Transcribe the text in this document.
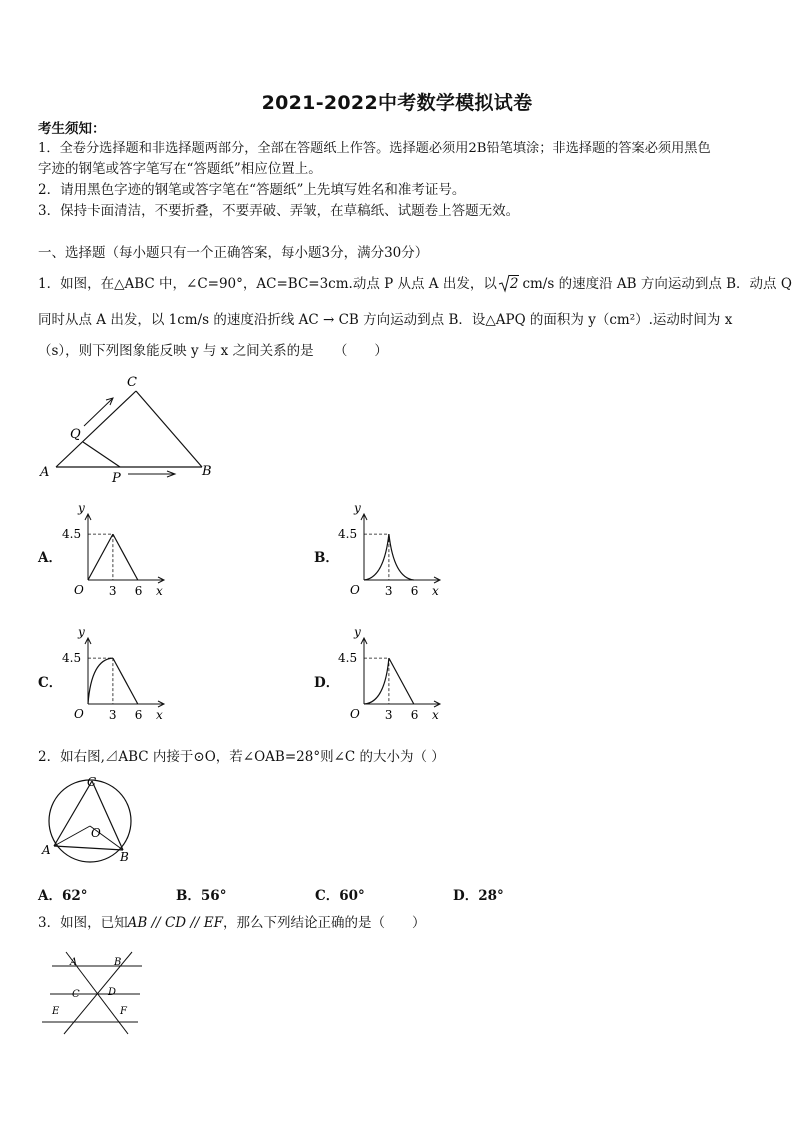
2021-2022中考数学模拟试卷
考生须知：
1．全卷分选择题和非选择题两部分，全部在答题纸上作答。选择题必须用2B铅笔填涂；非选择题的答案必须用黑色
字迹的钢笔或答字笔写在“答题纸”相应位置上。
2．请用黑色字迹的钢笔或答字笔在“答题纸”上先填写姓名和准考证号。
3．保持卡面清洁，不要折叠，不要弄破、弄皱，在草稿纸、试题卷上答题无效。
一、选择题（每小题只有一个正确答案，每小题3分，满分30分）
1．如图，在△ABC 中，∠C=90°，AC=BC=3cm.动点 P 从点 A 出发，以 2 cm/s 的速度沿 AB 方向运动到点 B．动点 Q
同时从点 A 出发，以 1cm/s 的速度沿折线 AC → CB 方向运动到点 B．设△APQ 的面积为 y（cm²）.运动时间为 x
（s），则下列图象能反映 y 与 x 之间关系的是　　（　　）
A	B
C
P
Q
A．	B．
C．	D．
y
x
O
4.5
3 6
y
x
O
4.5
3 6
y
x
O
4.5
3 6
y
x
O
4.5
3 6
2．如右图,⊿ABC 内接于⊙O，若∠OAB=28°则∠C 的大小为（ ）
C
A	B
O
A．62°	B．56°	C．60°	D．28°
3．如图，已知AB // CD // EF，那么下列结论正确的是（　　）
A	B
C	D
E	F
